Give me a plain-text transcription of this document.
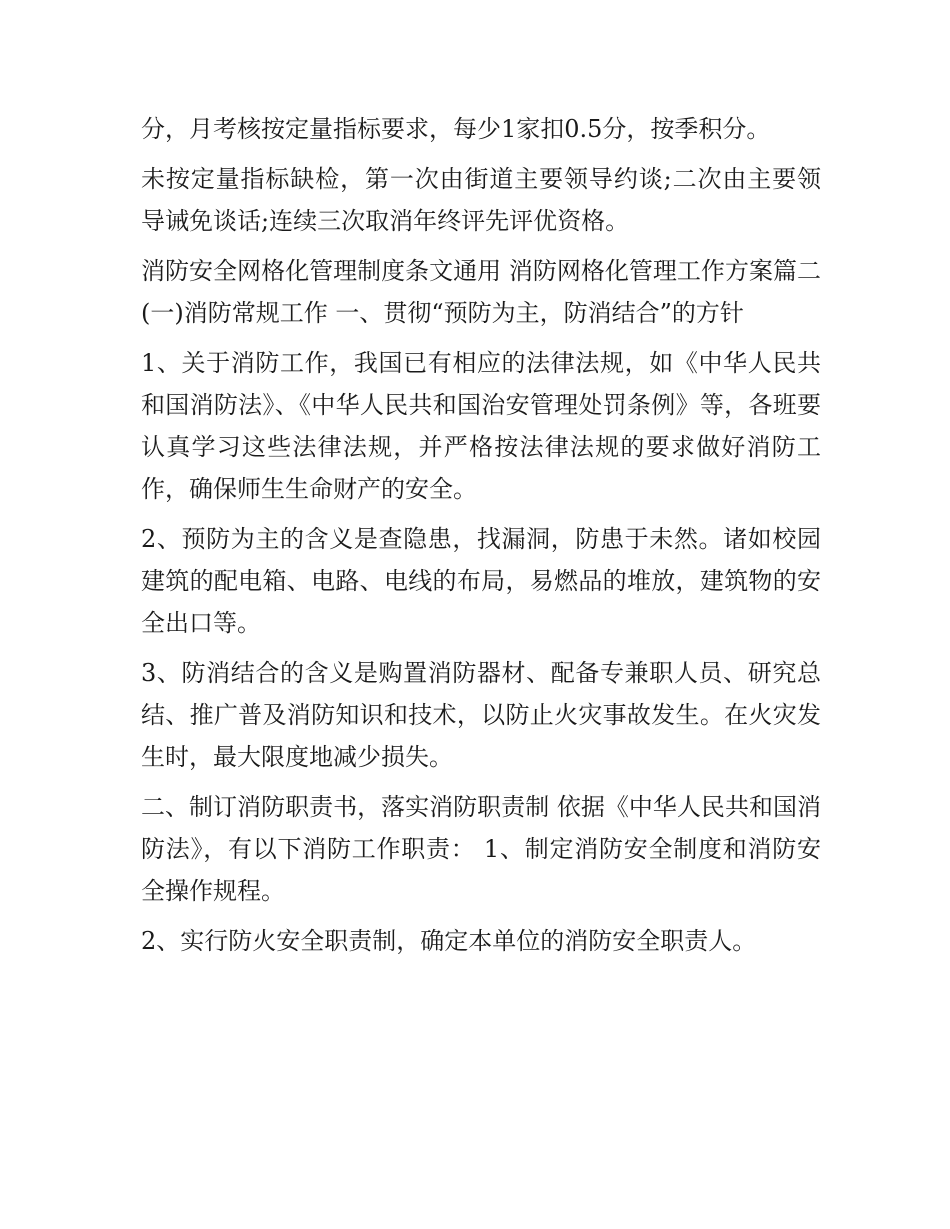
分，月考核按定量指标要求，每少1家扣0.5分，按季积分。

未按定量指标缺检，第一次由街道主要领导约谈;二次由主要领导诫免谈话;连续三次取消年终评先评优资格。

消防安全网格化管理制度条文通用 消防网格化管理工作方案篇二 (一)消防常规工作 一、贯彻“预防为主，防消结合”的方针

1、关于消防工作，我国已有相应的法律法规，如《中华人民共和国消防法》、《中华人民共和国治安管理处罚条例》等，各班要认真学习这些法律法规，并严格按法律法规的要求做好消防工作，确保师生生命财产的安全。

2、预防为主的含义是查隐患，找漏洞，防患于未然。诸如校园建筑的配电箱、电路、电线的布局，易燃品的堆放，建筑物的安全出口等。

3、防消结合的含义是购置消防器材、配备专兼职人员、研究总结、推广普及消防知识和技术，以防止火灾事故发生。在火灾发生时，最大限度地减少损失。

二、制订消防职责书，落实消防职责制 依据《中华人民共和国消防法》，有以下消防工作职责： 1、制定消防安全制度和消防安全操作规程。

2、实行防火安全职责制，确定本单位的消防安全职责人。
